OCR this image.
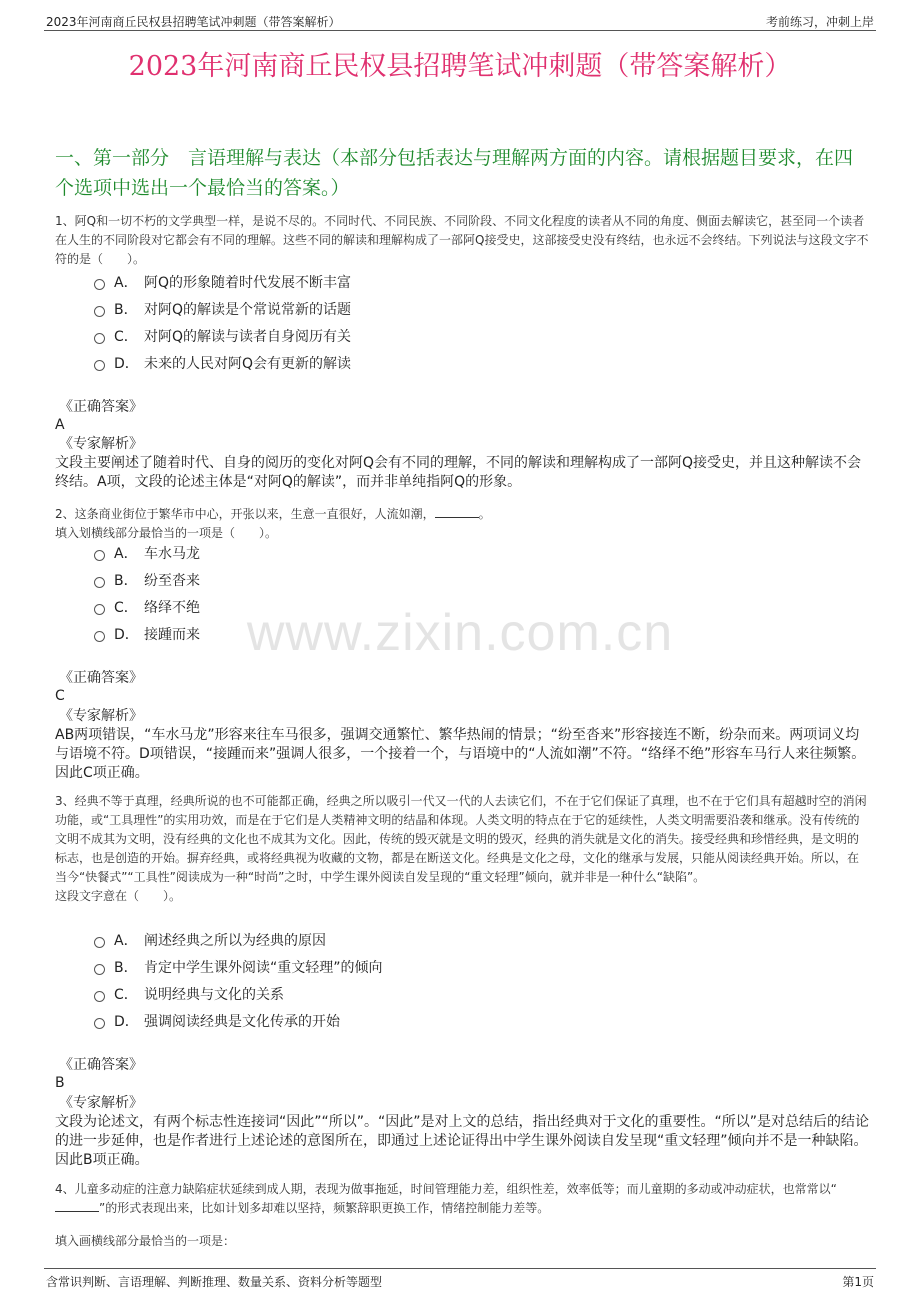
2023年河南商丘民权县招聘笔试冲刺题（带答案解析）	考前练习，冲刺上岸
2023年河南商丘民权县招聘笔试冲刺题（带答案解析）
一、第一部分　言语理解与表达（本部分包括表达与理解两方面的内容。请根据题目要求，在四个选项中选出一个最恰当的答案。）
www.zixin.com.cn

1、阿Q和一切不朽的文学典型一样，是说不尽的。不同时代、不同民族、不同阶段、不同文化程度的读者从不同的角度、侧面去解读它，甚至同一个读者在人生的不同阶段对它都会有不同的理解。这些不同的解读和理解构成了一部阿Q接受史，这部接受史没有终结，也永远不会终结。下列说法与这段文字不符的是（　　）。

A． 阿Q的形象随着时代发展不断丰富
B． 对阿Q的解读是个常说常新的话题
C． 对阿Q的解读与读者自身阅历有关
D． 未来的人民对阿Q会有更新的解读
《正确答案》
A
《专家解析》
文段主要阐述了随着时代、自身的阅历的变化对阿Q会有不同的理解，不同的解读和理解构成了一部阿Q接受史，并且这种解读不会终结。A项，文段的论述主体是“对阿Q的解读”，而并非单纯指阿Q的形象。

2、这条商业街位于繁华市中心，开张以来，生意一直很好，人流如潮，	。

填入划横线部分最恰当的一项是（　　）。

A． 车水马龙
B． 纷至沓来
C． 络绎不绝
D． 接踵而来
《正确答案》
C
《专家解析》
AB两项错误，“车水马龙”形容来往车马很多，强调交通繁忙、繁华热闹的情景；“纷至沓来”形容接连不断，纷杂而来。两项词义均与语境不符。D项错误，“接踵而来”强调人很多，一个接着一个，与语境中的“人流如潮”不符。“络绎不绝”形容车马行人来往频繁。因此C项正确。

3、经典不等于真理，经典所说的也不可能都正确，经典之所以吸引一代又一代的人去读它们，不在于它们保证了真理，也不在于它们具有超越时空的消闲功能，或“工具理性”的实用功效，而是在于它们是人类精神文明的结晶和体现。人类文明的特点在于它的延续性，人类文明需要沿袭和继承。没有传统的文明不成其为文明，没有经典的文化也不成其为文化。因此，传统的毁灭就是文明的毁灭，经典的消失就是文化的消失。接受经典和珍惜经典，是文明的标志，也是创造的开始。摒弃经典，或将经典视为收藏的文物，都是在断送文化。经典是文化之母，文化的继承与发展，只能从阅读经典开始。所以，在当今“快餐式”“工具性”阅读成为一种“时尚”之时，中学生课外阅读自发呈现的“重文轻理”倾向，就并非是一种什么“缺陷”。

这段文字意在（　　）。

A． 阐述经典之所以为经典的原因
B． 肯定中学生课外阅读“重文轻理”的倾向
C． 说明经典与文化的关系
D． 强调阅读经典是文化传承的开始
《正确答案》
B
《专家解析》
文段为论述文，有两个标志性连接词“因此”“所以”。“因此”是对上文的总结，指出经典对于文化的重要性。“所以”是对总结后的结论的进一步延伸，也是作者进行上述论述的意图所在，即通过上述论证得出中学生课外阅读自发呈现“重文轻理”倾向并不是一种缺陷。因此B项正确。

4、儿童多动症的注意力缺陷症状延续到成人期，表现为做事拖延，时间管理能力差，组织性差，效率低等；而儿童期的多动或冲动症状，也常常以“”的形式表现出来，比如计划多却难以坚持，频繁辞职更换工作，情绪控制能力差等。

填入画横线部分最恰当的一项是：

含常识判断、言语理解、判断推理、数量关系、资料分析等题型	第1页
